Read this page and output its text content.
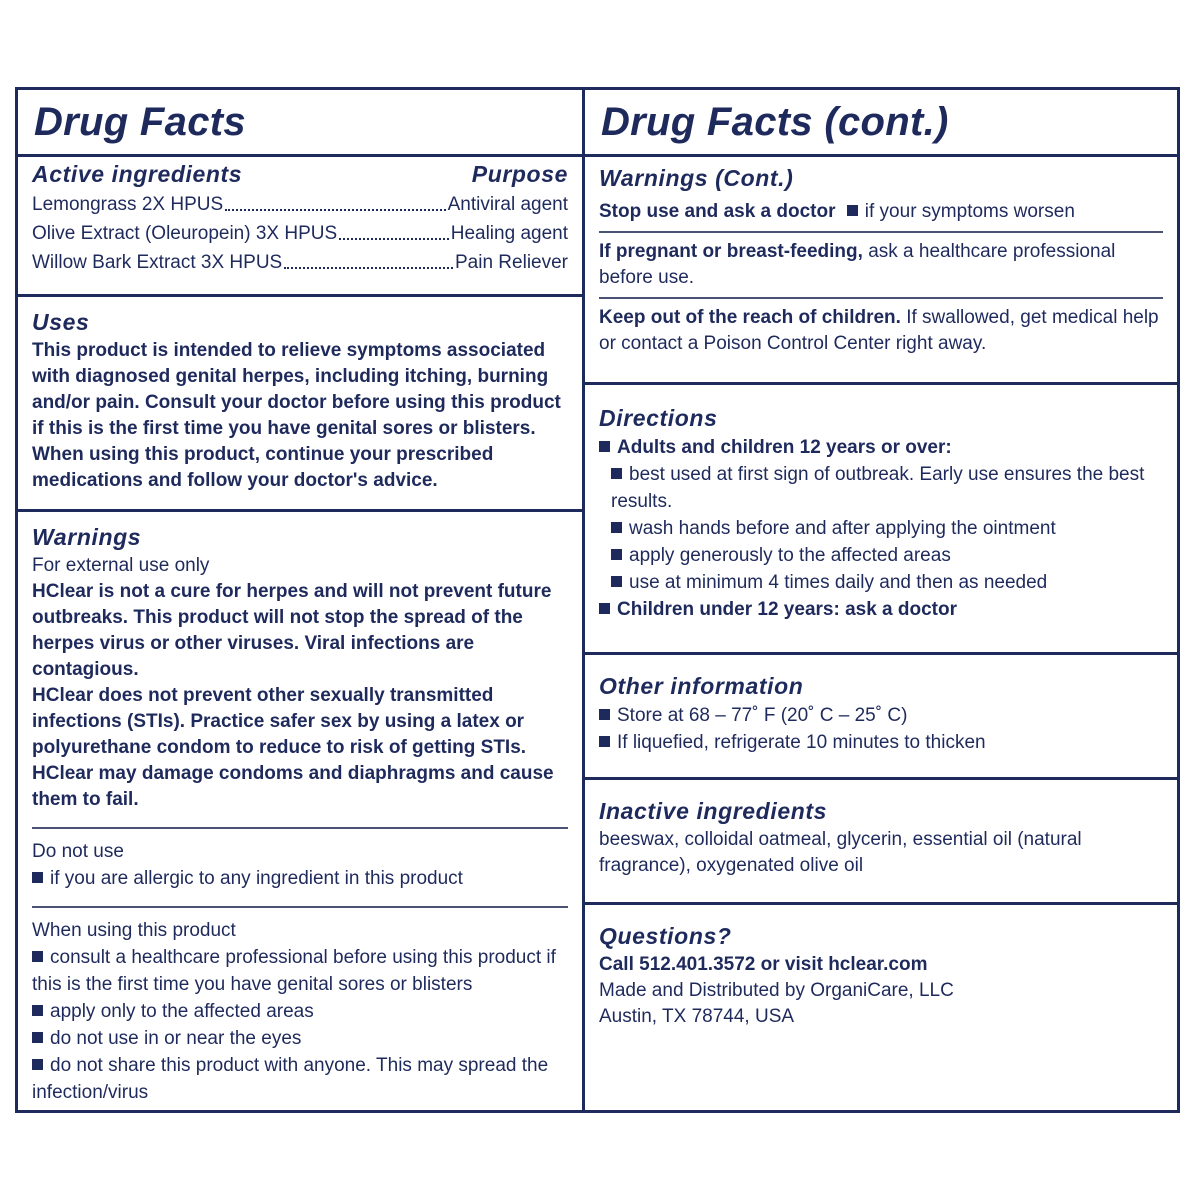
Drug Facts
Active ingredients	Purpose
Lemongrass 2X HPUS	Antiviral agent
Olive Extract (Oleuropein) 3X HPUS	Healing agent
Willow Bark Extract 3X HPUS	Pain Reliever
Uses
This product is intended to relieve symptoms associated with diagnosed genital herpes, including itching, burning and/or pain. Consult your doctor before using this product if this is the first time you have genital sores or blisters. When using this product, continue your prescribed medications and follow your doctor's advice.
Warnings
For external use only
HClear is not a cure for herpes and will not prevent future outbreaks. This product will not stop the spread of the herpes virus or other viruses. Viral infections are contagious.
HClear does not prevent other sexually transmitted infections (STIs). Practice safer sex by using a latex or polyurethane condom to reduce to risk of getting STIs.
HClear may damage condoms and diaphragms and cause them to fail.
Do not use
if you are allergic to any ingredient in this product
When using this product
consult a healthcare professional before using this product if this is the first time you have genital sores or blisters
apply only to the affected areas
do not use in or near the eyes
do not share this product with anyone. This may spread the infection/virus
Drug Facts (cont.)
Warnings (Cont.)
Stop use and ask a doctor if your symptoms worsen
If pregnant or breast-feeding, ask a healthcare professional before use.
Keep out of the reach of children. If swallowed, get medical help or contact a Poison Control Center right away.
Directions
Adults and children 12 years or over:
best used at first sign of outbreak. Early use ensures the best results.
wash hands before and after applying the ointment
apply generously to the affected areas
use at minimum 4 times daily and then as needed
Children under 12 years: ask a doctor
Other information
Store at 68 – 77˚ F (20˚ C – 25˚ C)
If liquefied, refrigerate 10 minutes to thicken
Inactive ingredients
beeswax, colloidal oatmeal, glycerin, essential oil (natural fragrance), oxygenated olive oil
Questions?
Call 512.401.3572 or visit hclear.com
Made and Distributed by OrganiCare, LLC
Austin, TX 78744, USA
